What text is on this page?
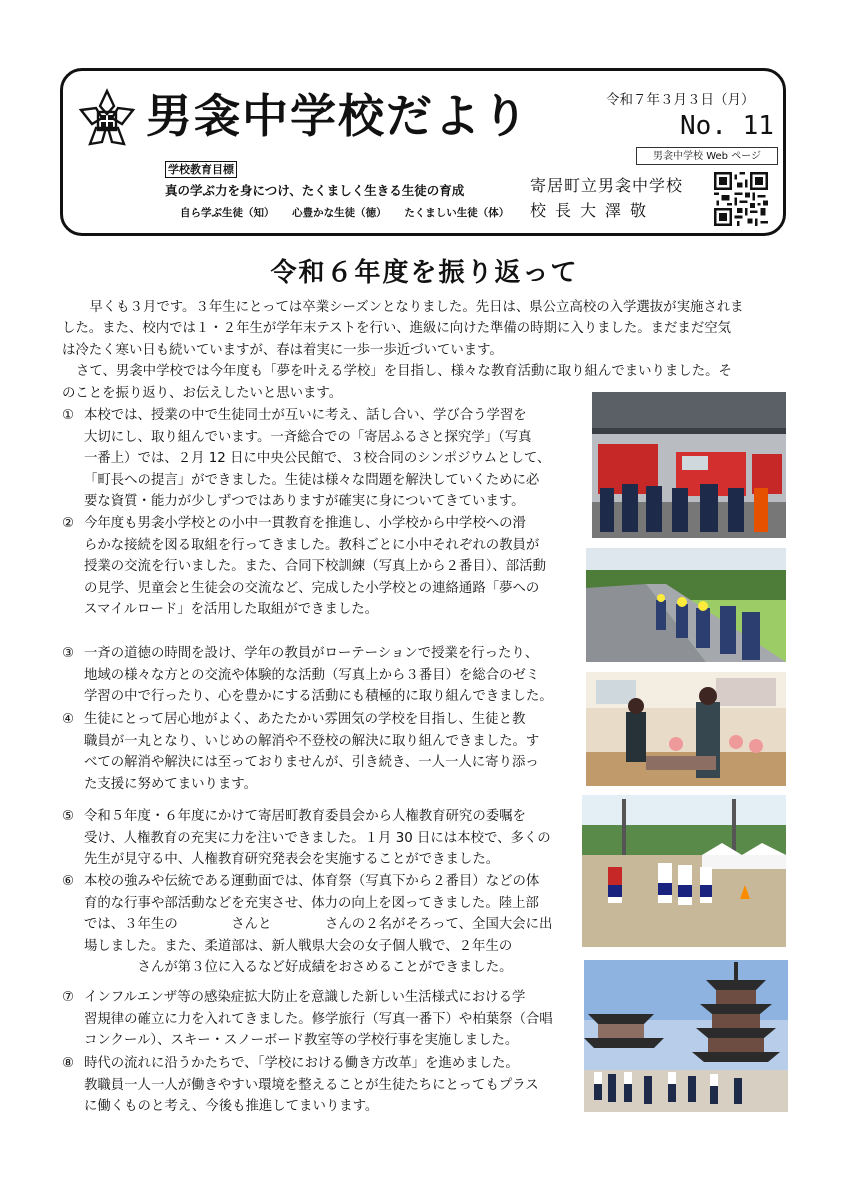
男衾中学校だより	令和７年３月３日（月）
No. 11
男衾中学校 Web ページ
学校教育目標
真の学ぶ力を身につけ、たくましく生きる生徒の育成
自ら学ぶ生徒（知） 心豊かな生徒（徳） たくましい生徒（体）
寄居町立男衾中学校
校長大澤敬
令和６年度を振り返って
　早くも３月です。３年生にとっては卒業シーズンとなりました。先日は、県公立高校の入学選抜が実施されま
した。また、校内では１・２年生が学年末テストを行い、進級に向けた準備の時期に入りました。まだまだ空気
は冷たく寒い日も続いていますが、春は着実に一歩一歩近づいています。
さて、男衾中学校では今年度も「夢を叶える学校」を目指し、様々な教育活動に取り組んでまいりました。そ
のことを振り返り、お伝えしたいと思います。
① 本校では、授業の中で生徒同士が互いに考え、話し合い、学び合う学習を
大切にし、取り組んでいます。一斉総合での「寄居ふるさと探究学」（写真
一番上）では、２月 12 日に中央公民館で、３校合同のシンポジウムとして、
「町長への提言」ができました。生徒は様々な問題を解決していくために必
要な資質・能力が少しずつではありますが確実に身についてきています。
② 今年度も男衾小学校との小中一貫教育を推進し、小学校から中学校への滑
らかな接続を図る取組を行ってきました。教科ごとに小中それぞれの教員が
授業の交流を行いました。また、合同下校訓練（写真上から２番目）、部活動
の見学、児童会と生徒会の交流など、完成した小学校との連絡通路「夢への
スマイルロード」を活用した取組ができました。
③ 一斉の道徳の時間を設け、学年の教員がローテーションで授業を行ったり、
地域の様々な方との交流や体験的な活動（写真上から３番目）を総合のゼミ
学習の中で行ったり、心を豊かにする活動にも積極的に取り組んできました。
④ 生徒にとって居心地がよく、あたたかい雰囲気の学校を目指し、生徒と教
職員が一丸となり、いじめの解消や不登校の解決に取り組んできました。す
べての解消や解決には至っておりませんが、引き続き、一人一人に寄り添っ
た支援に努めてまいります。
⑤ 令和５年度・６年度にかけて寄居町教育委員会から人権教育研究の委嘱を
受け、人権教育の充実に力を注いできました。１月 30 日には本校で、多くの
先生が見守る中、人権教育研究発表会を実施することができました。
⑥ 本校の強みや伝統である運動面では、体育祭（写真下から２番目）などの体
育的な行事や部活動などを充実させ、体力の向上を図ってきました。陸上部
では、３年生の　　　　さんと　　　　さんの２名がそろって、全国大会に出
場しました。また、柔道部は、新人戦県大会の女子個人戦で、２年生の
　　　　さんが第３位に入るなど好成績をおさめることができました。
⑦ インフルエンザ等の感染症拡大防止を意識した新しい生活様式における学
習規律の確立に力を入れてきました。修学旅行（写真一番下）や柏葉祭（合唱
コンクール）、スキー・スノーボード教室等の学校行事を実施しました。
⑧ 時代の流れに沿うかたちで、「学校における働き方改革」を進めました。
教職員一人一人が働きやすい環境を整えることが生徒たちにとってもプラス
に働くものと考え、今後も推進してまいります。
